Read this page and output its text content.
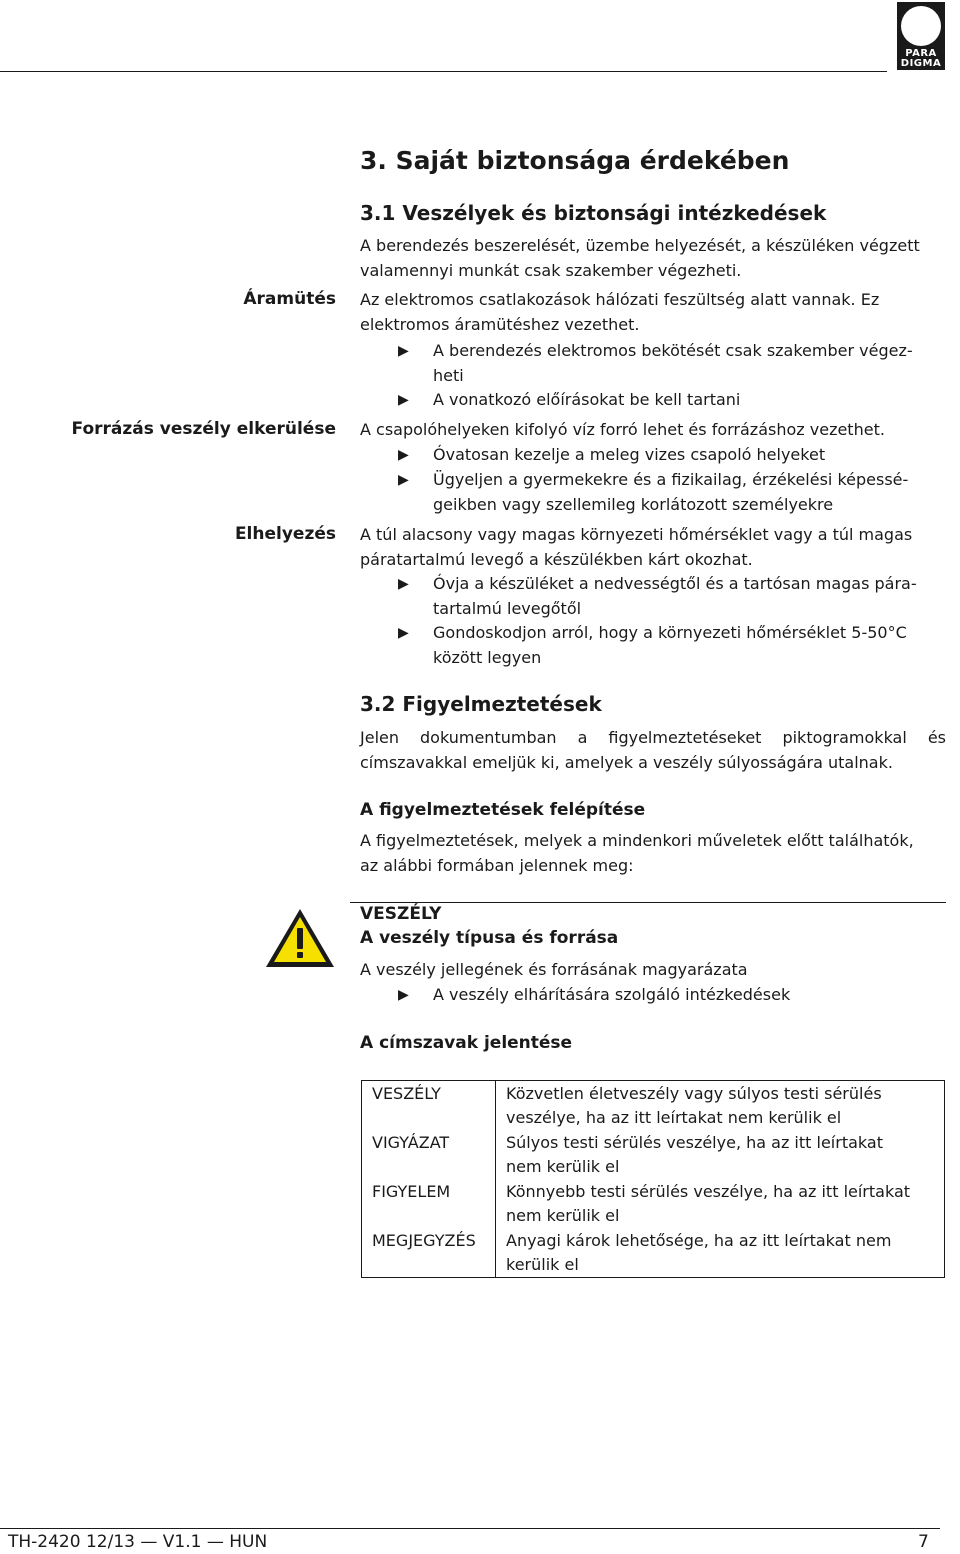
PARA
DIGMA
3. Saját biztonsága érdekében
3.1 Veszélyek és biztonsági intézkedések
A berendezés beszerelését, üzembe helyezését, a készüléken végzett
valamennyi munkát csak szakember végezheti.
Áramütés Az elektromos csatlakozások hálózati feszültség alatt vannak. Ez
elektromos áramütéshez vezethet.
▶	A berendezés elektromos bekötését csak szakember végez-
heti
▶	A vonatkozó előírásokat be kell tartani
Forrázás veszély elkerülése A csapolóhelyeken kifolyó víz forró lehet és forrázáshoz vezethet.
▶	Óvatosan kezelje a meleg vizes csapoló helyeket
▶	Ügyeljen a gyermekekre és a fizikailag, érzékelési képessé-
geikben vagy szellemileg korlátozott személyekre
Elhelyezés A túl alacsony vagy magas környezeti hőmérséklet vagy a túl magas
páratartalmú levegő a készülékben kárt okozhat.
▶	Óvja a készüléket a nedvességtől és a tartósan magas pára-
tartalmú levegőtől
▶	Gondoskodjon arról, hogy a környezeti hőmérséklet 5-50°C
között legyen
3.2 Figyelmeztetések
Jelen dokumentumban a figyelmeztetéseket piktogramokkal és
címszavakkal emeljük ki, amelyek a veszély súlyosságára utalnak.
A figyelmeztetések felépítése
A figyelmeztetések, melyek a mindenkori műveletek előtt találhatók,
az alábbi formában jelennek meg:
VESZÉLY
A veszély típusa és forrása
A veszély jellegének és forrásának magyarázata
▶	A veszély elhárítására szolgáló intézkedések
A címszavak jelentése
VESZÉLY	Közvetlen életveszély vagy súlyos testi sérülés
veszélye, ha az itt leírtakat nem kerülik el

VIGYÁZAT	Súlyos testi sérülés veszélye, ha az itt leírtakat
nem kerülik el

FIGYELEM	Könnyebb testi sérülés veszélye, ha az itt leírtakat
nem kerülik el

MEGJEGYZÉS	Anyagi károk lehetősége, ha az itt leírtakat nem
kerülik el
TH-2420 12/13 — V1.1 — HUN	7
